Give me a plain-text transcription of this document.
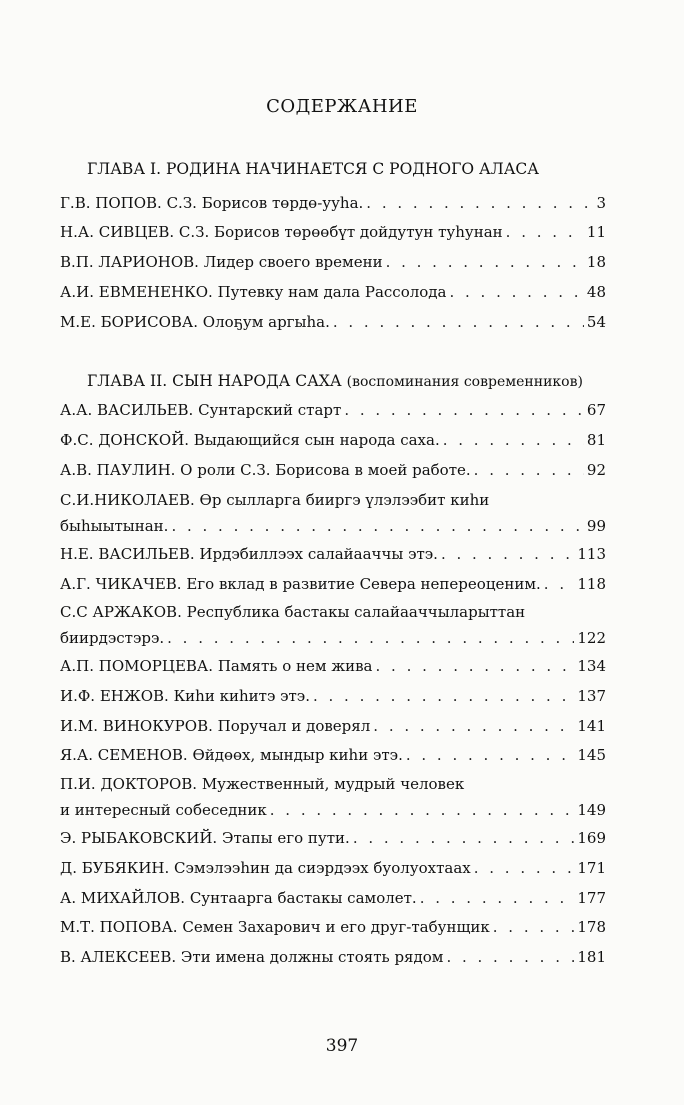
СОДЕРЖАНИЕ
ГЛАВА I. РОДИНА НАЧИНАЕТСЯ С РОДНОГО АЛАСА
Г.В. ПОПОВ. С.З. Борисов төрдө-ууһа. . . .	3
Н.А. СИВЦЕВ. С.З. Борисов төрөөбүт дойдутун туһунан . . .	11
В.П. ЛАРИОНОВ. Лидер своего времени . . .	18
А.И. ЕВМЕНЕНКО. Путевку нам дала Рассолода . . .	48
М.Е. БОРИСОВА. Олоҕум аргыһа. . . .	54
ГЛАВА II. СЫН НАРОДА САХА (воспоминания современников)
А.А. ВАСИЛЬЕВ. Сунтарский старт . . .	67
Ф.С. ДОНСКОЙ. Выдающийся сын народа саха. . . .	81
А.В. ПАУЛИН. О роли С.З. Борисова в моей работе. . . .	92
С.И.НИКОЛАЕВ. Өр сылларга бииргэ үлэлээбит киһи
быһыытынан. . . .	99
Н.Е. ВАСИЛЬЕВ. Ирдэбиллээх салайааччы этэ. . . .	113
А.Г. ЧИКАЧЕВ. Его вклад в развитие Севера непереоценим. . . . 118
С.С АРЖАКОВ. Республика бастакы салайааччыларыттан
биирдэстэрэ. . . .	122
А.П. ПОМОРЦЕВА. Память о нем жива . . .	134
И.Ф. ЕНЖОВ. Киһи киһитэ этэ. . . .	137
И.М. ВИНОКУРОВ. Поручал и доверял . . .	141
Я.А. СЕМЕНОВ. Өйдөөх, мындыр киһи этэ. . . .	145
П.И. ДОКТОРОВ. Мужественный, мудрый человек
и интересный собеседник . . .	149
Э. РЫБАКОВСКИЙ. Этапы его пути. . . .	169
Д. БУБЯКИН. Сэмэлээһин да сиэрдээх буолуохтаах . . .	171
А. МИХАЙЛОВ. Сунтаарга бастакы самолет. . . .	177
М.Т. ПОПОВА. Семен Захарович и его друг-табунщик . . .	178
В. АЛЕКСЕЕВ. Эти имена должны стоять рядом . . .	181
397
